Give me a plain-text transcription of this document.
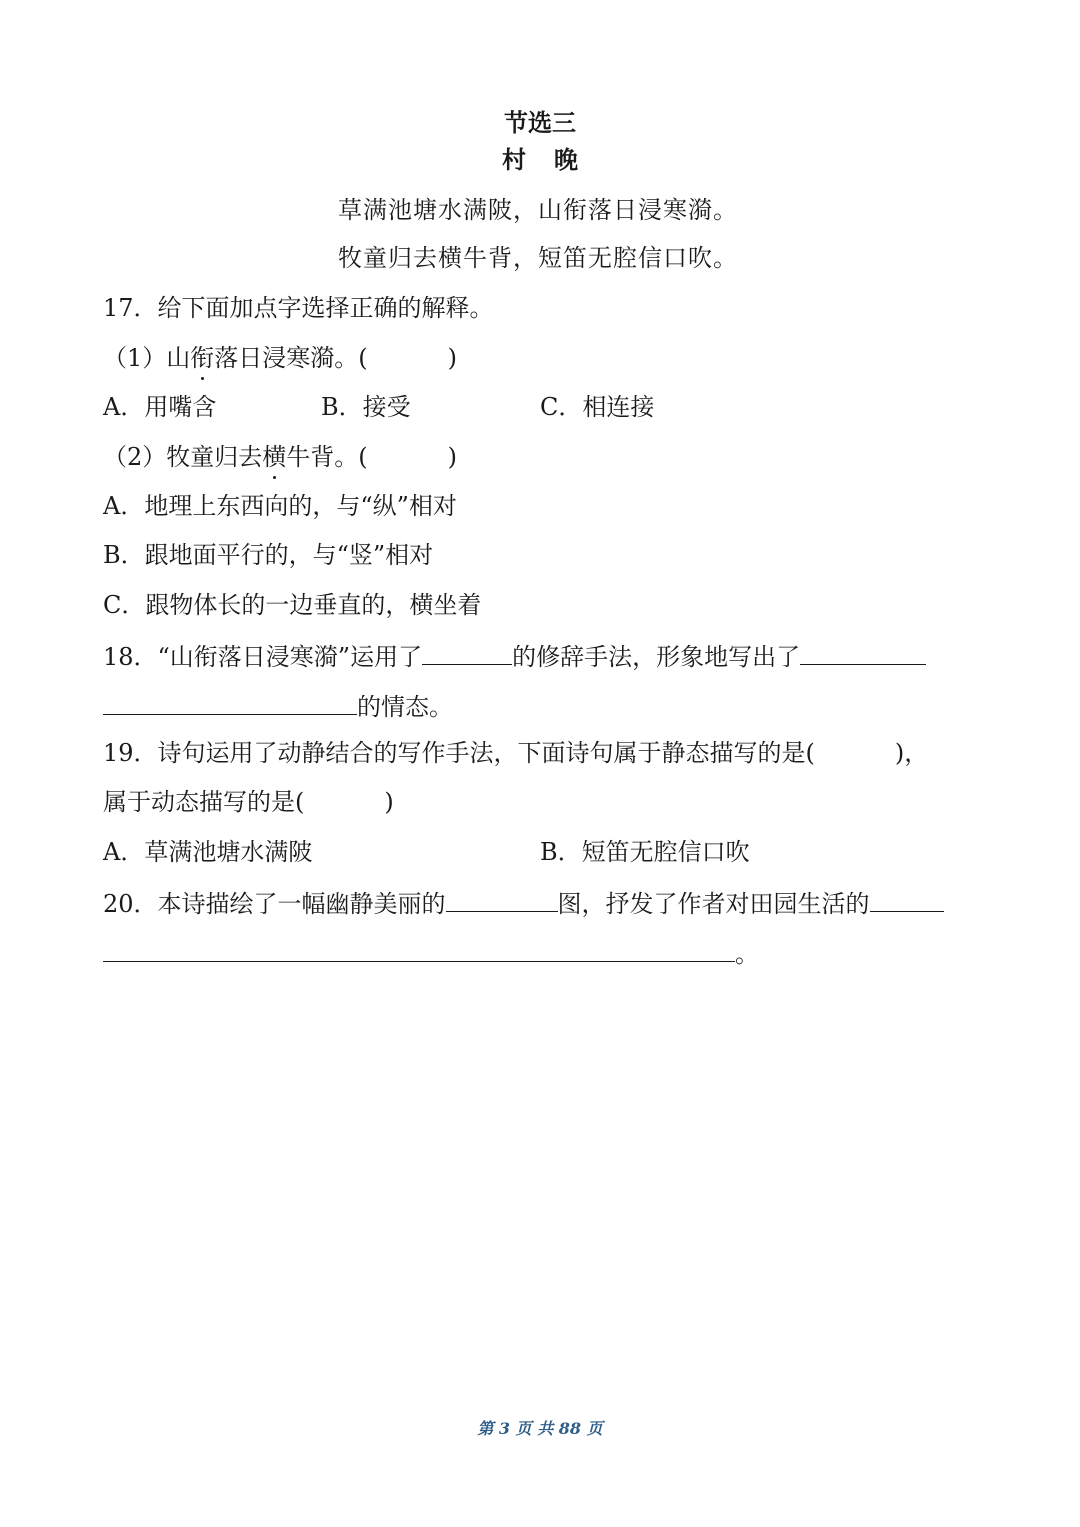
节选三
村晚
草满池塘水满陂，山衔落日浸寒漪。
牧童归去横牛背，短笛无腔信口吹。
17．给下面加点字选择正确的解释。
（1）山衔落日浸寒漪。(	)
A．用嘴含	B．接受	C．相连接
（2）牧童归去横牛背。(	)
A．地理上东西向的，与“纵”相对
B．跟地面平行的，与“竖”相对
C．跟物体长的一边垂直的，横坐着
18．“山衔落日浸寒漪”运用了	的修辞手法，形象地写出了
的情态。
19．诗句运用了动静结合的写作手法，下面诗句属于静态描写的是(	)，
属于动态描写的是(	)
A．草满池塘水满陂	B．短笛无腔信口吹
20．本诗描绘了一幅幽静美丽的	图，抒发了作者对田园生活的
。
第 3 页 共 88 页
